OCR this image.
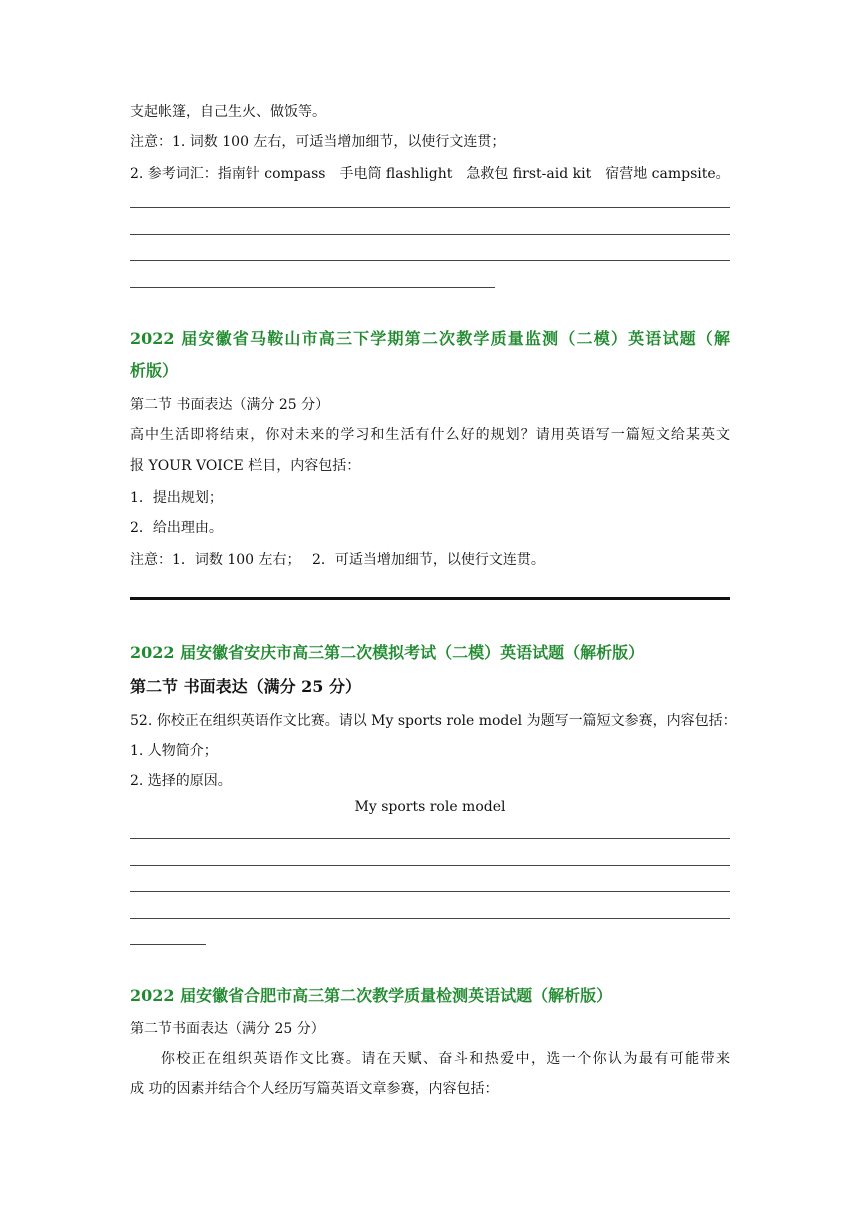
支起帐篷，自己生火、做饭等。
注意：1. 词数 100 左右，可适当增加细节，以使行文连贯；
2. 参考词汇：指南针 compass　手电筒 flashlight　急救包 first-aid kit　宿营地 campsite。
2022 届安徽省马鞍山市高三下学期第二次教学质量监测（二模）英语试题（解
析版）
第二节 书面表达（满分 25 分）
高中生活即将结束，你对未来的学习和生活有什么好的规划？请用英语写一篇短文给某英文
报 YOUR VOICE 栏目，内容包括：
1．提出规划；
2．给出理由。
注意：1．词数 100 左右；　 2．可适当增加细节，以使行文连贯。
2022 届安徽省安庆市高三第二次模拟考试（二模）英语试题（解析版）
第二节 书面表达（满分 25 分）
52. 你校正在组织英语作文比赛。请以 My sports role model 为题写一篇短文参赛，内容包括：
1. 人物简介；
2. 选择的原因。
My sports role model
2022 届安徽省合肥市高三第二次教学质量检测英语试题（解析版）
第二节书面表达（满分 25 分）
　　你校正在组织英语作文比赛。请在天赋、奋斗和热爱中，选一个你认为最有可能带来
成 功的因素并结合个人经历写篇英语文章参赛，内容包括：
